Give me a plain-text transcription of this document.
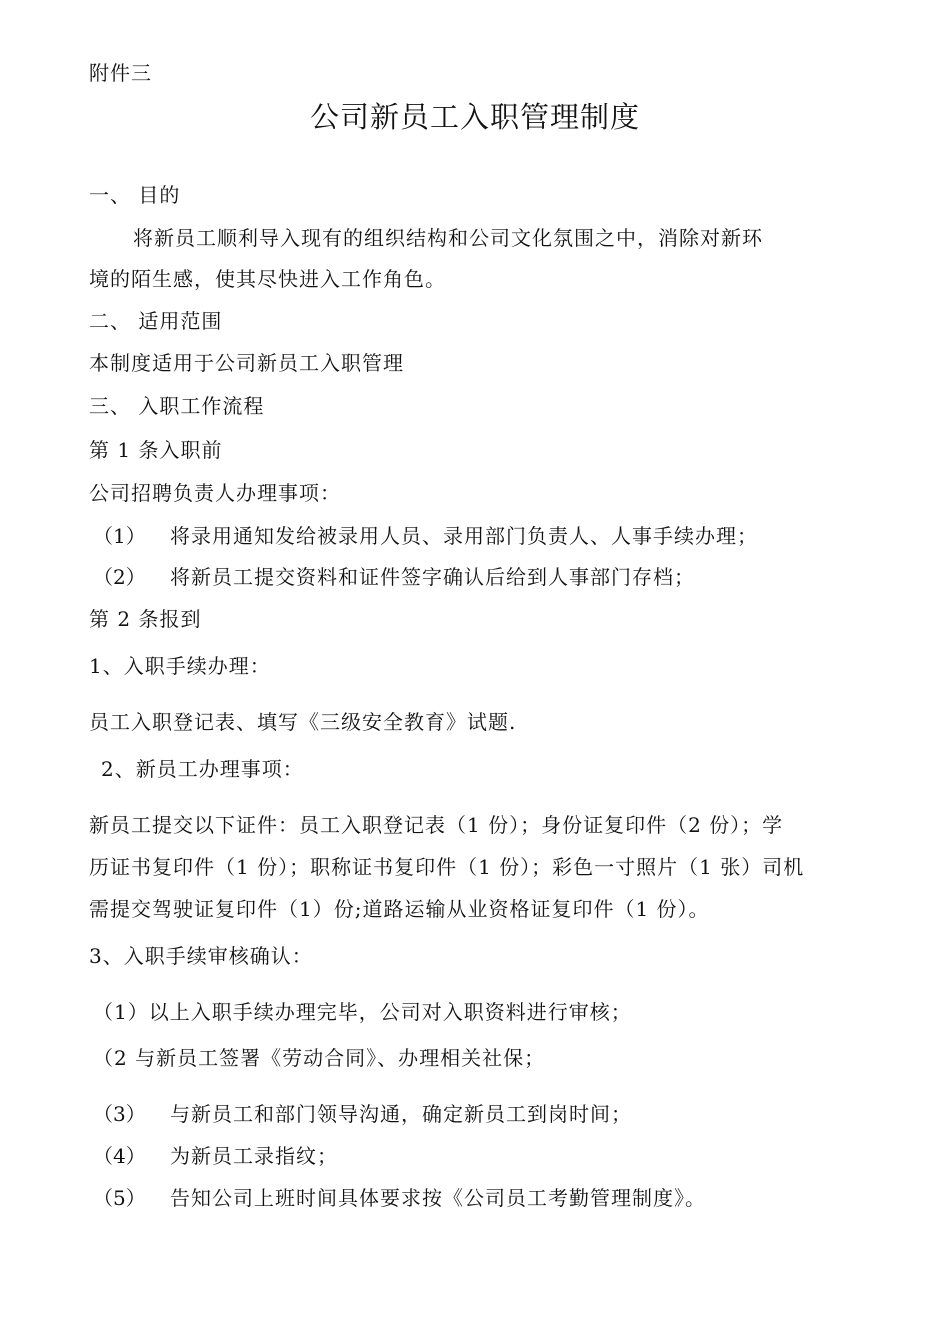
附件三
公司新员工入职管理制度
一、 目的
将新员工顺利导入现有的组织结构和公司文化氛围之中，消除对新环
境的陌生感，使其尽快进入工作角色。
二、 适用范围
本制度适用于公司新员工入职管理
三、 入职工作流程
第 1 条入职前
公司招聘负责人办理事项：
（1） 将录用通知发给被录用人员、录用部门负责人、人事手续办理；
（2） 将新员工提交资料和证件签字确认后给到人事部门存档；
第 2 条报到
1、入职手续办理：
员工入职登记表、填写《三级安全教育》试题.
2、新员工办理事项：
新员工提交以下证件：员工入职登记表（1 份）；身份证复印件（2 份）；学
历证书复印件（1 份）；职称证书复印件（1 份）；彩色一寸照片（1 张）司机
需提交驾驶证复印件（1）份;道路运输从业资格证复印件（1 份）。
3、入职手续审核确认：
（1）以上入职手续办理完毕，公司对入职资料进行审核；
（2 与新员工签署《劳动合同》、办理相关社保；
（3） 与新员工和部门领导沟通，确定新员工到岗时间；
（4） 为新员工录指纹；
（5） 告知公司上班时间具体要求按《公司员工考勤管理制度》。
